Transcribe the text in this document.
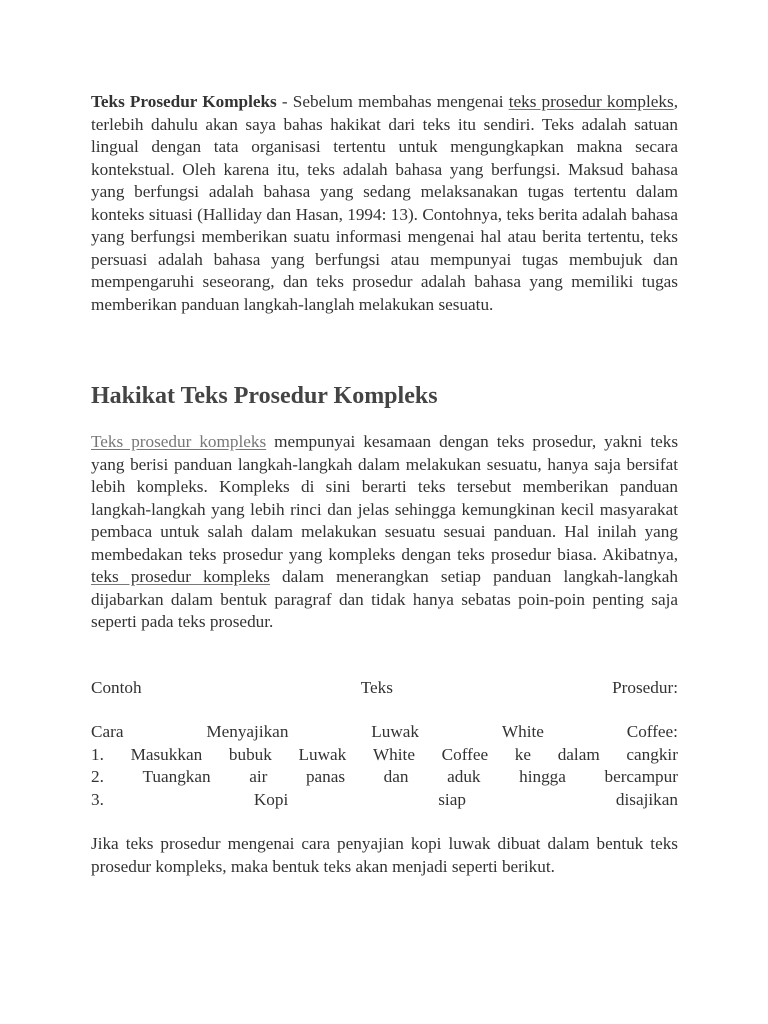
Teks Prosedur Kompleks - Sebelum membahas mengenai teks prosedur kompleks, terlebih dahulu akan saya bahas hakikat dari teks itu sendiri. Teks adalah satuan lingual dengan tata organisasi tertentu untuk mengungkapkan makna secara kontekstual. Oleh karena itu, teks adalah bahasa yang berfungsi. Maksud bahasa yang berfungsi adalah bahasa yang sedang melaksanakan tugas tertentu dalam konteks situasi (Halliday dan Hasan, 1994: 13). Contohnya, teks berita adalah bahasa yang berfungsi memberikan suatu informasi mengenai hal atau berita tertentu, teks persuasi adalah bahasa yang berfungsi atau mempunyai tugas membujuk dan mempengaruhi seseorang, dan teks prosedur adalah bahasa yang memiliki tugas memberikan panduan langkah-langlah melakukan sesuatu.

Hakikat Teks Prosedur Kompleks

Teks prosedur kompleks mempunyai kesamaan dengan teks prosedur, yakni teks yang berisi panduan langkah-langkah dalam melakukan sesuatu, hanya saja bersifat lebih kompleks. Kompleks di sini berarti teks tersebut memberikan panduan langkah-langkah yang lebih rinci dan jelas sehingga kemungkinan kecil masyarakat pembaca untuk salah dalam melakukan sesuatu sesuai panduan. Hal inilah yang membedakan teks prosedur yang kompleks dengan teks prosedur biasa. Akibatnya, teks prosedur kompleks dalam menerangkan setiap panduan langkah-langkah dijabarkan dalam bentuk paragraf dan tidak hanya sebatas poin-poin penting saja seperti pada teks prosedur.

Contoh	Teks	Prosedur:
Cara	Menyajikan	Luwak	White	Coffee:
1. Masukkan bubuk Luwak White Coffee ke dalam cangkir
2. Tuangkan air panas dan aduk hingga bercampur
3.	Kopi	siap	disajikan

Jika teks prosedur mengenai cara penyajian kopi luwak dibuat dalam bentuk teks prosedur kompleks, maka bentuk teks akan menjadi seperti berikut.
